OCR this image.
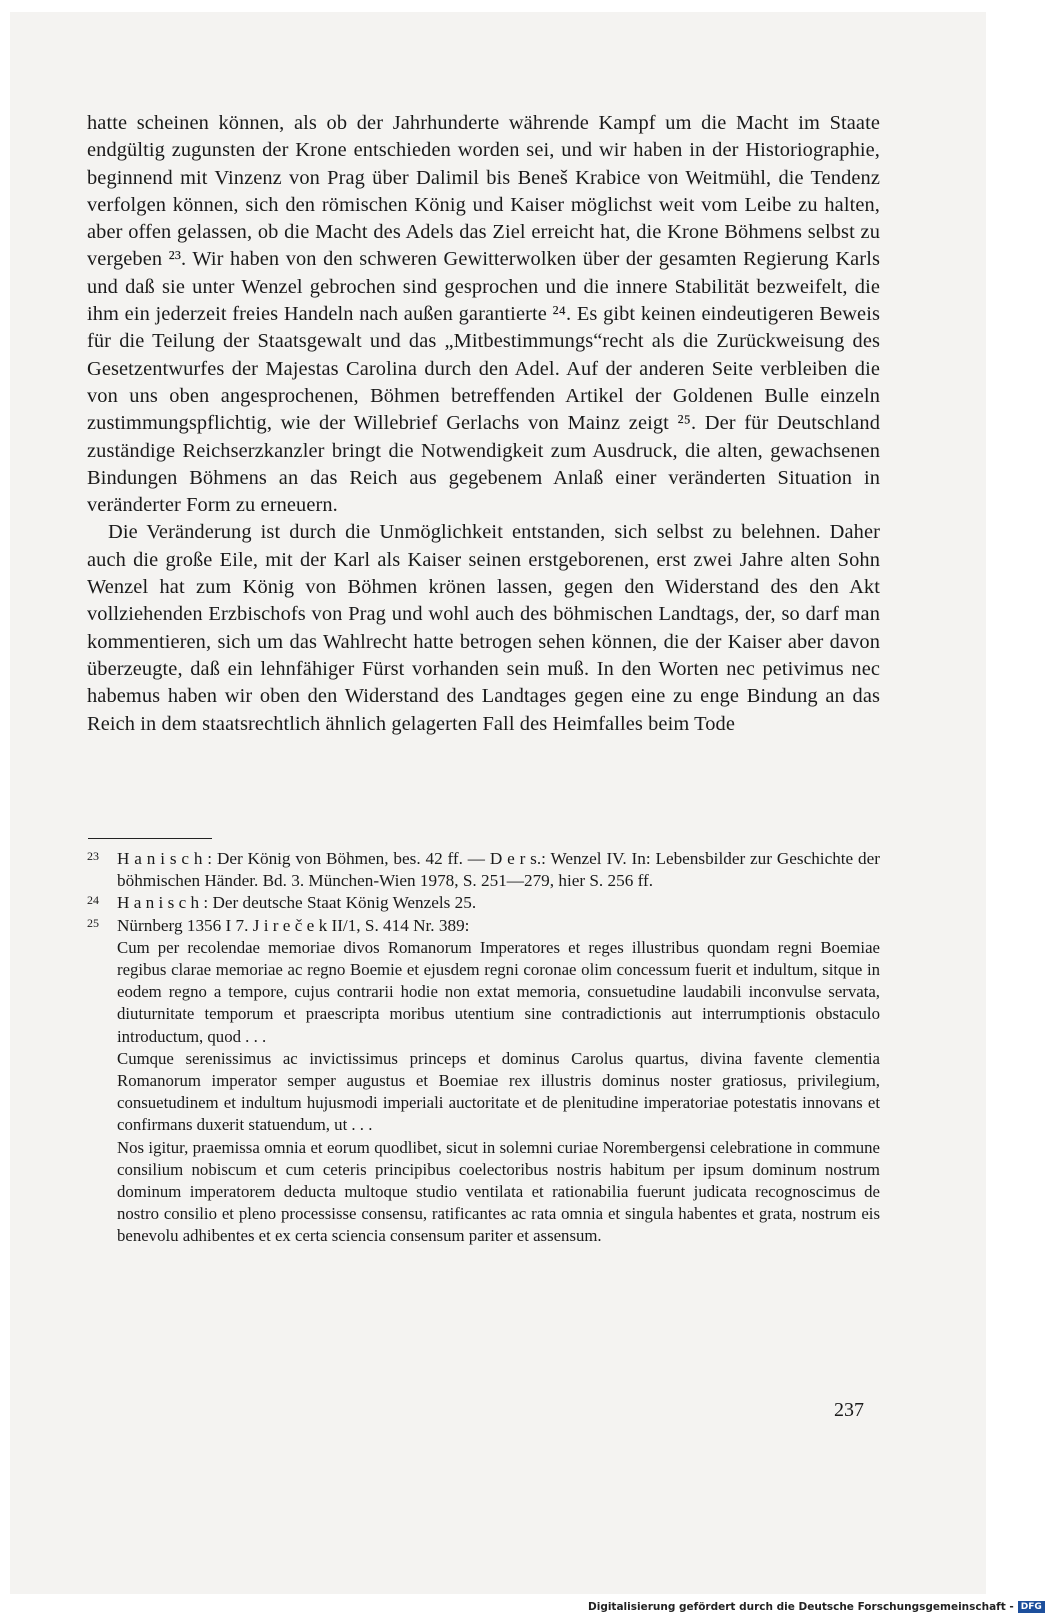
hatte scheinen können, als ob der Jahrhunderte währende Kampf um die Macht im Staate endgültig zugunsten der Krone entschieden worden sei, und wir haben in der Historiographie, beginnend mit Vinzenz von Prag über Dalimil bis Beneš Krabice von Weitmühl, die Tendenz verfolgen können, sich den römischen König und Kaiser möglichst weit vom Leibe zu halten, aber offen gelassen, ob die Macht des Adels das Ziel erreicht hat, die Krone Böhmens selbst zu vergeben ²³. Wir haben von den schweren Gewitterwolken über der gesamten Regierung Karls und daß sie unter Wenzel gebrochen sind gesprochen und die innere Stabilität bezweifelt, die ihm ein jederzeit freies Handeln nach außen garantierte ²⁴. Es gibt keinen eindeutigeren Beweis für die Teilung der Staatsgewalt und das „Mitbestimmungs“recht als die Zurückweisung des Gesetzentwurfes der Majestas Carolina durch den Adel. Auf der anderen Seite verbleiben die von uns oben angesprochenen, Böhmen betreffenden Artikel der Goldenen Bulle einzeln zustimmungspflichtig, wie der Willebrief Gerlachs von Mainz zeigt ²⁵. Der für Deutschland zuständige Reichserzkanzler bringt die Notwendigkeit zum Ausdruck, die alten, gewachsenen Bindungen Böhmens an das Reich aus gegebenem Anlaß einer veränderten Situation in veränderter Form zu erneuern.

Die Veränderung ist durch die Unmöglichkeit entstanden, sich selbst zu belehnen. Daher auch die große Eile, mit der Karl als Kaiser seinen erstgeborenen, erst zwei Jahre alten Sohn Wenzel hat zum König von Böhmen krönen lassen, gegen den Widerstand des den Akt vollziehenden Erzbischofs von Prag und wohl auch des böhmischen Landtags, der, so darf man kommentieren, sich um das Wahlrecht hatte betrogen sehen können, die der Kaiser aber davon überzeugte, daß ein lehnfähiger Fürst vorhanden sein muß. In den Worten nec petivimus nec habemus haben wir oben den Widerstand des Landtages gegen eine zu enge Bindung an das Reich in dem staatsrechtlich ähnlich gelagerten Fall des Heimfalles beim Tode

23	H a n i s c h : Der König von Böhmen, bes. 42 ff. — D e r s.: Wenzel IV. In: Lebensbilder zur Geschichte der böhmischen Händer. Bd. 3. München-Wien 1978, S. 251—279, hier S. 256 ff.
24	H a n i s c h : Der deutsche Staat König Wenzels 25.
25	Nürnberg 1356 I 7. J i r e č e k II/1, S. 414 Nr. 389:
Cum per recolendae memoriae divos Romanorum Imperatores et reges illustribus quondam regni Boemiae regibus clarae memoriae ac regno Boemie et ejusdem regni coronae olim concessum fuerit et indultum, sitque in eodem regno a tempore, cujus contrarii hodie non extat memoria, consuetudine laudabili inconvulse servata, diuturnitate temporum et praescripta moribus utentium sine contradictionis aut interrumptionis obstaculo introductum, quod . . .
Cumque serenissimus ac invictissimus princeps et dominus Carolus quartus, divina favente clementia Romanorum imperator semper augustus et Boemiae rex illustris dominus noster gratiosus, privilegium, consuetudinem et indultum hujusmodi imperiali auctoritate et de plenitudine imperatoriae potestatis innovans et confirmans duxerit statuendum, ut . . .
Nos igitur, praemissa omnia et eorum quodlibet, sicut in solemni curiae Norembergensi celebratione in commune consilium nobiscum et cum ceteris principibus coelectoribus nostris habitum per ipsum dominum nostrum dominum imperatorem deducta multoque studio ventilata et rationabilia fuerunt judicata recognoscimus de nostro consilio et pleno processisse consensu, ratificantes ac rata omnia et singula habentes et grata, nostrum eis benevolu adhibentes et ex certa sciencia consensum pariter et assensum.
237
Digitalisierung gefördert durch die Deutsche Forschungsgemeinschaft - DFG
